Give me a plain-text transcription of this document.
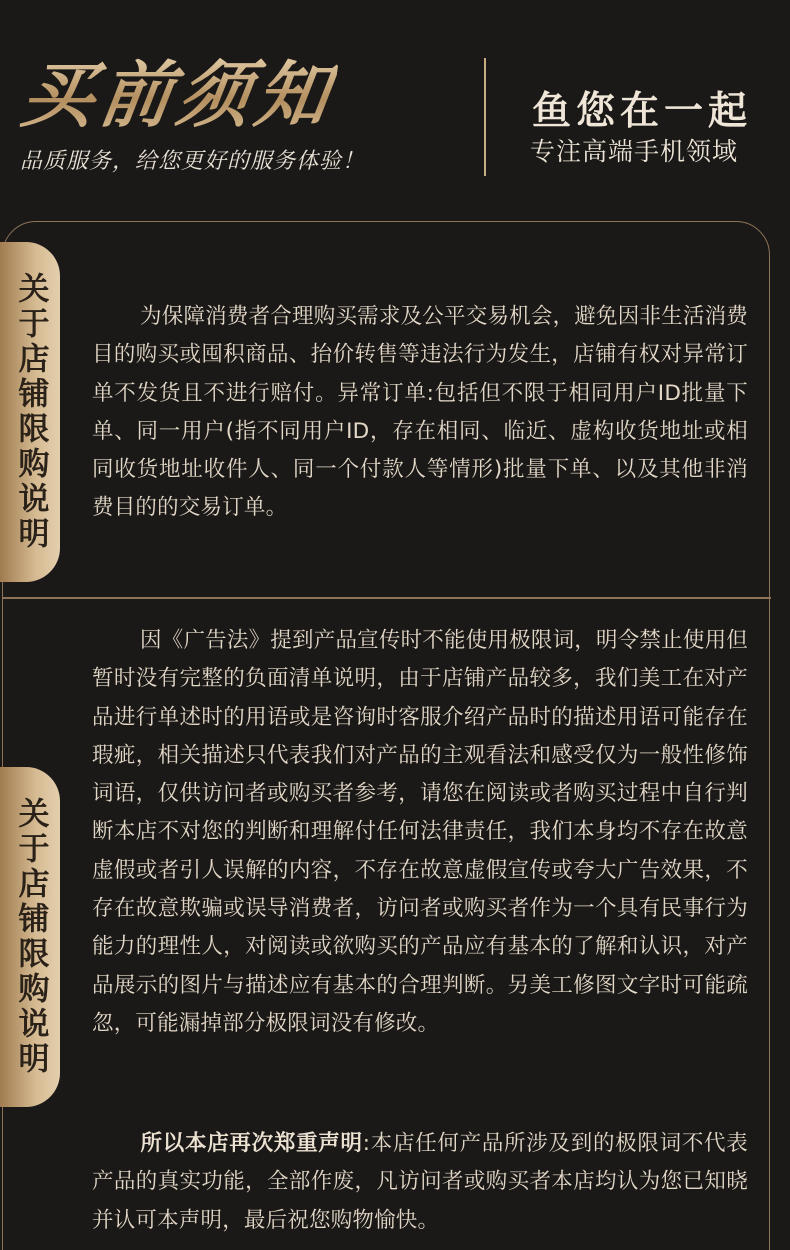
买前须知
品质服务，给您更好的服务体验！
鱼您在一起
专注高端手机领域
关于店铺限购说明	为保障消费者合理购买需求及公平交易机会，避免因非生活消费目的购买或囤积商品、抬价转售等违法行为发生，店铺有权对异常订单不发货且不进行赔付。异常订单:包括但不限于相同用户ID批量下单、同一用户(指不同用户ID，存在相同、临近、虚构收货地址或相同收货地址收件人、同一个付款人等情形)批量下单、以及其他非消费目的的交易订单。
关于店铺限购说明
因《广告法》提到产品宣传时不能使用极限词，明令禁止使用但暂时没有完整的负面清单说明，由于店铺产品较多，我们美工在对产品进行单述时的用语或是咨询时客服介绍产品时的描述用语可能存在瑕疵，相关描述只代表我们对产品的主观看法和感受仅为一般性修饰词语，仅供访问者或购买者参考，请您在阅读或者购买过程中自行判断本店不对您的判断和理解付任何法律责任，我们本身均不存在故意虚假或者引人误解的内容，不存在故意虚假宣传或夸大广告效果，不存在故意欺骗或误导消费者，访问者或购买者作为一个具有民事行为能力的理性人，对阅读或欲购买的产品应有基本的了解和认识，对产品展示的图片与描述应有基本的合理判断。另美工修图文字时可能疏忽，可能漏掉部分极限词没有修改。
所以本店再次郑重声明:本店任何产品所涉及到的极限词不代表产品的真实功能，全部作废，凡访问者或购买者本店均认为您已知晓并认可本声明，最后祝您购物愉快。
